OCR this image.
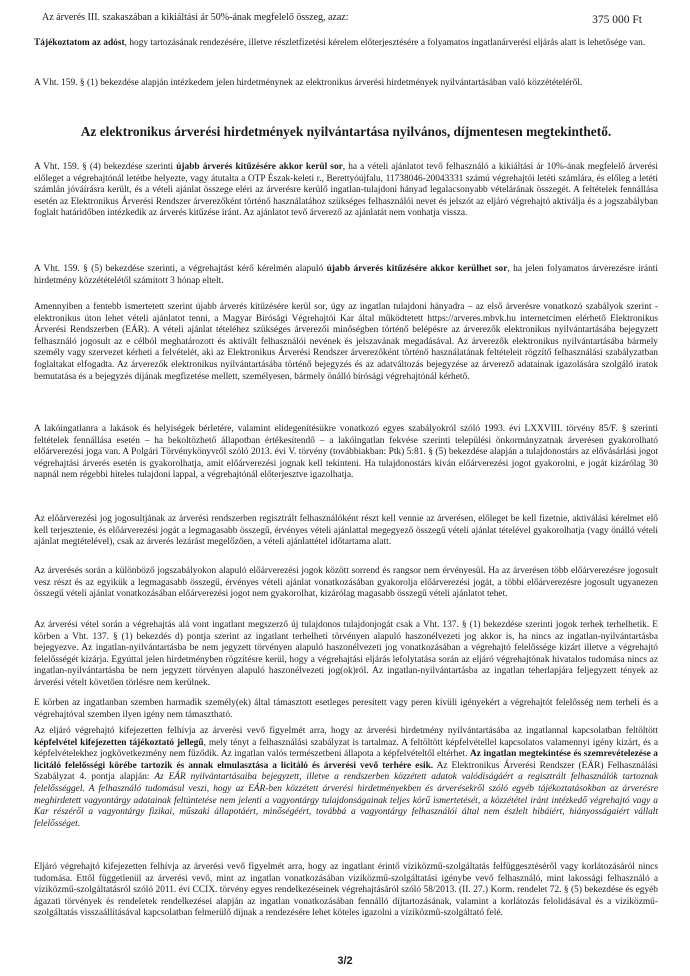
Az árverés III. szakaszában a kikiáltási ár 50%-ának megfelelő összeg, azaz:	375 000 Ft

Tájékoztatom az adóst, hogy tartozásának rendezésére, illetve részletfizetési kérelem előterjesztésére a folyamatos ingatlanárverési eljárás alatt is lehetősége van.

A Vht. 159. § (1) bekezdése alapján intézkedem jelen hirdetménynek az elektronikus árverési hirdetmények nyilvántartásában való közzétételéről.

Az elektronikus árverési hirdetmények nyilvántartása nyilvános, díjmentesen megtekinthető.

A Vht. 159. § (4) bekezdése szerinti újabb árverés kitűzésére akkor kerül sor, ha a vételi ajánlatot tevő felhasználó a kikiáltási ár 10%-ának megfelelő árverési előleget a végrehajtónál letétbe helyezte, vagy átutalta a OTP Észak-keleti r., Berettyóújfalu, 11738046-20043331 számú végrehajtói letéti számlára, és előleg a letéti számlán jóváírásra került, és a vételi ajánlat összege eléri az árverésre kerülő ingatlan-tulajdoni hányad legalacsonyabb vételárának összegét. A feltételek fennállása esetén az Elektronikus Árverési Rendszer árverezőként történő használatához szükséges felhasználói nevet és jelszót az eljáró végrehajtó aktiválja és a jogszabályban foglalt határidőben intézkedik az árverés kitűzése iránt. Az ajánlatot tevő árverező az ajánlatát nem vonhatja vissza.

A Vht. 159. § (5) bekezdése szerinti, a végrehajtást kérő kérelmén alapuló újabb árverés kitűzésére akkor kerülhet sor, ha jelen folyamatos árverezésre iránti hirdetmény közzétételétől számított 3 hónap eltelt.

Amennyiben a fentebb ismertetett szerint újabb árverés kitűzésére kerül sor, úgy az ingatlan tulajdoni hányadra – az első árverésre vonatkozó szabályok szerint - elektronikus úton lehet vételi ajánlatot tenni, a Magyar Bírósági Végrehajtói Kar által működtetett https://arveres.mbvk.hu internetcímen elérhető Elektronikus Árverési Rendszerben (EÁR). A vételi ajánlat tételéhez szükséges árverezői minőségben történő belépésre az árverezők elektronikus nyilvántartásába bejegyzett felhasználó jogosult az e célból meghatározott és aktivált felhasználói nevének és jelszavának megadásával. Az árverezők elektronikus nyilvántartásába bármely személy vagy szervezet kérheti a felvételét, aki az Elektronikus Árverési Rendszer árverezőként történő használatának feltételeit rögzítő felhasználási szabályzatban foglaltakat elfogadta. Az árverezők elektronikus nyilvántartásába történő bejegyzés és az adatváltozás bejegyzése az árverező adatainak igazolására szolgáló iratok bemutatása és a bejegyzés díjának megfizetése mellett, személyesen, bármely önálló bírósági végrehajtónál kérhető.

A lakóingatlanra a lakások és helyiségek bérletére, valamint elidegenítésükre vonatkozó egyes szabályokról szóló 1993. évi LXXVIII. törvény 85/F. § szerinti feltételek fennállása esetén – ha bekoltözhető állapotban értékesítendő – a lakóingatlan fekvése szerinti települési önkormányzatnak árverésen gyakorolható előárverezési joga van. A Polgári Törvénykönyvről szóló 2013. évi V. törvény (továbbiakban: Ptk) 5:81. § (5) bekezdése alapján a tulajdonostárs az elővásárlási jogot végrehajtási árverés esetén is gyakorolhatja, amit előárverezési jognak kell tekinteni. Ha tulajdonostárs kíván előárverezési jogot gyakorolni, e jogát kizárólag 30 napnál nem régebbi hiteles tulajdoni lappal, a végrehajtónál előterjesztve igazolhatja.

Az előárverezési jog jogosultjának az árverési rendszerben regisztrált felhasználóként részt kell vennie az árverésen, előleget be kell fizetnie, aktiválási kérelmet elő kell terjesztenie, és előárverezési jogát a legmagasabb összegű, érvényes vételi ajánlattal megegyező összegű vételi ajánlat tételével gyakorolhatja (vagy önálló vételi ajánlat megtételével), csak az árverés lezárást megelőzően, a vételi ajánlattétel időtartama alatt.

Az árverésés során a különböző jogszabályokon alapuló előárverezési jogok között sorrend és rangsor nem érvényesül. Ha az árverésen több előárverezésre jogosult vesz részt és az egyikük a legmagasabb összegű, érvényes vételi ajánlat vonatkozásában gyakorolja előárverezési jogát, a többi előárverezésre jogosult ugyanezen összegű vételi ajánlat vonatkozásában előárverezési jogot nem gyakorolhat, kizárólag magasabb összegű vételi ajánlatot tehet.

Az árverési vétel során a végrehajtás alá vont ingatlant megszerző új tulajdonos tulajdonjogát csak a Vht. 137. § (1) bekezdése szerinti jogok terhek terhelhetik. E körben a Vht. 137. § (1) bekezdés d) pontja szerint az ingatlant terhelheti törvényen alapuló haszonélvezeti jog akkor is, ha nincs az ingatlan-nyilvántartásba bejegyezve. Az ingatlan-nyilvántartásba be nem jegyzett törvényen alapuló haszonélvezeti jog vonatkozásában a végrehajtó felelőssége kizárt illetve a végrehajtó felelősségét kizárja. Egyúttal jelen hirdetményben rögzítésre kerül, hogy a végrehajtási eljárás lefolytatása során az eljáró végrehajtónak hivatalos tudomása nincs az ingatlan-nyilvántartásba be nem jegyzett törvényen alapuló haszonélvezeti jog(ok)ról. Az ingatlan-nyilvántartásba az ingatlan teherlapjára feljegyzett tények az árverési vételt követően törlésre nem kerülnek.

E körben az ingatlanban szemben harmadik személy(ek) által támasztott esetleges peresített vagy peren kívüli igényekért a végrehajtót felelősség nem terheli és a végrehajtóval szemben ilyen igény nem támasztható.

Az eljáró végrehajtó kifejezetten felhívja az árverési vevő figyelmét arra, hogy az árverési hirdetmény nyilvántartásába az ingatlannal kapcsolatban feltöltött képfelvétel kifejezetten tájékoztató jellegű, mely tényt a felhasználási szabályzat is tartalmaz. A feltöltött képfelvétellel kapcsolatos valamennyi igény kizárt, és a képfelvételekhez jogkövetkezmény nem fűződik. Az ingatlan valós természetbeni állapota a képfelvételtől eltérhet. Az ingatlan megtekintése és szemrevételezése a licitáló felelősségi körébe tartozik és annak elmulasztása a licitáló és árverési vevő terhére esik. Az Elektronikus Árverési Rendszer (EÁR) Felhasználási Szabályzat 4. pontja alapján: Az EÁR nyilvántartásaiba bejegyzett, illetve a rendszerben közzétett adatok valódiságáért a regisztrált felhasználók tartoznak felelősséggel. A felhasználó tudomásul veszi, hogy az EÁR-ben közzétett árverési hirdetményekben és árverésekről szóló egyéb tájékoztatásokban az árverésre meghirdetett vagyontárgy adatainak feltüntetése nem jelenti a vagyontárgy tulajdonságainak teljes körű ismertetését, a közzététel iránt intézkedő végrehajtó vagy a Kar részéről a vagyontárgy fizikai, műszaki állapotáért, minőségéért, továbbá a vagyontárgy felhasználói által nem észlelt hibáiért, hiányosságaiért vállalt felelősséget.

Eljáró végrehajtó kifejezetten felhívja az árverési vevő figyelmét arra, hogy az ingatlant érintő víziközmű-szolgáltatás felfüggesztéséről vagy korlátozásáról nincs tudomása. Ettől függetlenül az árverési vevő, mint az ingatlan vonatkozásában víziközmű-szolgáltatási igénybe vevő felhasználó, mint lakossági felhasználó a víziközmű-szolgáltatásról szóló 2011. évi CCIX. törvény egyes rendelkezéseinek végrehajtásáról szóló 58/2013. (II. 27.) Korm. rendelet 72. § (5) bekezdése és egyéb ágazati törvények és rendeletek rendelkezései alapján az ingatlan vonatkozásában fennálló díjtartozásának, valamint a korlátozás felolidásával és a víziközmű-szolgáltatás visszaállításával kapcsolatban felmerülő díjnak a rendezésére lehet köteles igazolni a víziközmű-szolgáltató felé.

3/2
